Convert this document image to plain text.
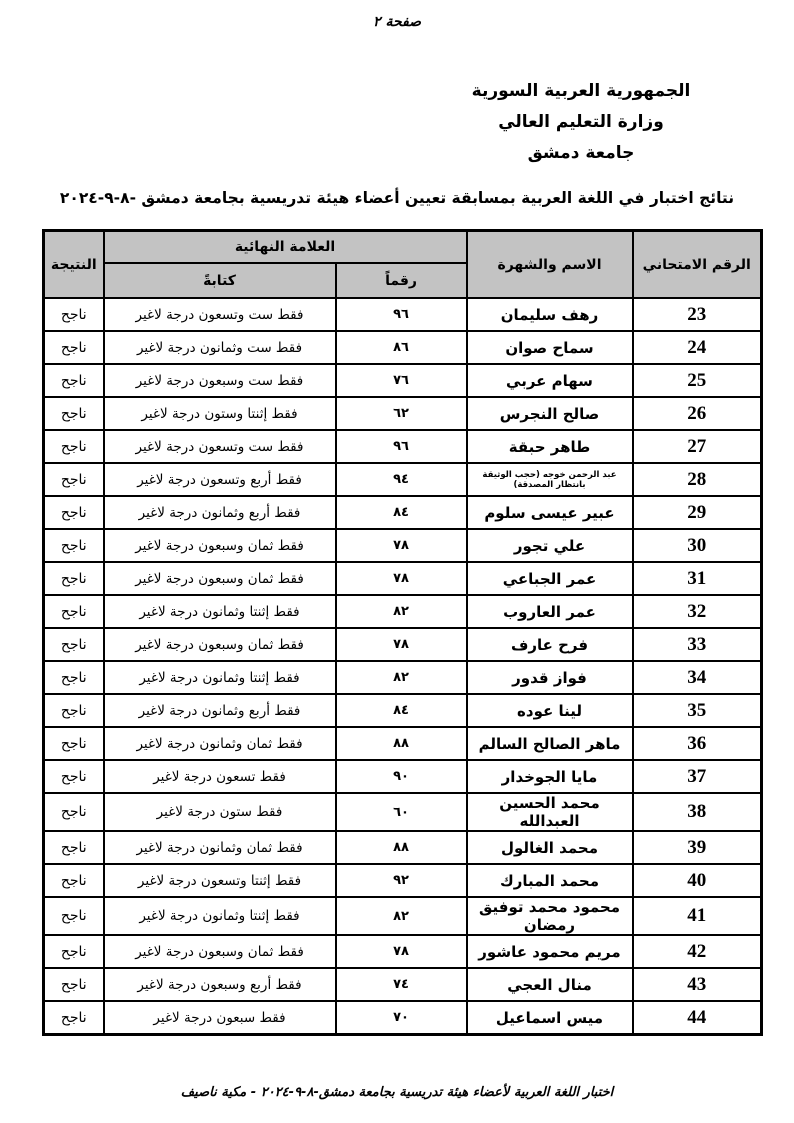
صفحة ٢
الجمهورية العربية السورية
وزارة التعليم العالي
جامعة دمشق
نتائج اختبار في اللغة العربية بمسابقة تعيين أعضاء هيئة تدريسية بجامعة دمشق -٨-٩-٢٠٢٤
الرقم الامتحاني	الاسم والشهرة	العلامة النهائية		النتيجة
		رقماً	كتابةً	
23	رهف سليمان	٩٦	فقط ست وتسعون درجة لاغير	ناجح
24	سماح صوان	٨٦	فقط ست وثمانون درجة لاغير	ناجح
25	سهام عربي	٧٦	فقط ست وسبعون درجة لاغير	ناجح
26	صالح النجرس	٦٢	فقط إثنتا وستون درجة لاغير	ناجح
27	طاهر حبقة	٩٦	فقط ست وتسعون درجة لاغير	ناجح
28	عبد الرحمن خوجه (حجب الوثيقة بانتظار المصدقة)	٩٤	فقط أربع وتسعون درجة لاغير	ناجح
29	عبير عيسى سلوم	٨٤	فقط أربع وثمانون درجة لاغير	ناجح
30	علي تجور	٧٨	فقط ثمان وسبعون درجة لاغير	ناجح
31	عمر الجباعي	٧٨	فقط ثمان وسبعون درجة لاغير	ناجح
32	عمر العاروب	٨٢	فقط إثنتا وثمانون درجة لاغير	ناجح
33	فرح عارف	٧٨	فقط ثمان وسبعون درجة لاغير	ناجح
34	فواز قدور	٨٢	فقط إثنتا وثمانون درجة لاغير	ناجح
35	لينا عوده	٨٤	فقط أربع وثمانون درجة لاغير	ناجح
36	ماهر الصالح السالم	٨٨	فقط ثمان وثمانون درجة لاغير	ناجح
37	مايا الجوخدار	٩٠	فقط تسعون درجة لاغير	ناجح
38	محمد الحسين العبدالله	٦٠	فقط ستون درجة لاغير	ناجح
39	محمد الغالول	٨٨	فقط ثمان وثمانون درجة لاغير	ناجح
40	محمد المبارك	٩٢	فقط إثنتا وتسعون درجة لاغير	ناجح
41	محمود محمد توفيق رمضان	٨٢	فقط إثنتا وثمانون درجة لاغير	ناجح
42	مريم محمود عاشور	٧٨	فقط ثمان وسبعون درجة لاغير	ناجح
43	منال العجي	٧٤	فقط أربع وسبعون درجة لاغير	ناجح
44	ميس اسماعيل	٧٠	فقط سبعون درجة لاغير	ناجح
اختبار اللغة العربية لأعضاء هيئة تدريسية بجامعة دمشق-٨-٩-٢٠٢٤ - مكية ناصيف
